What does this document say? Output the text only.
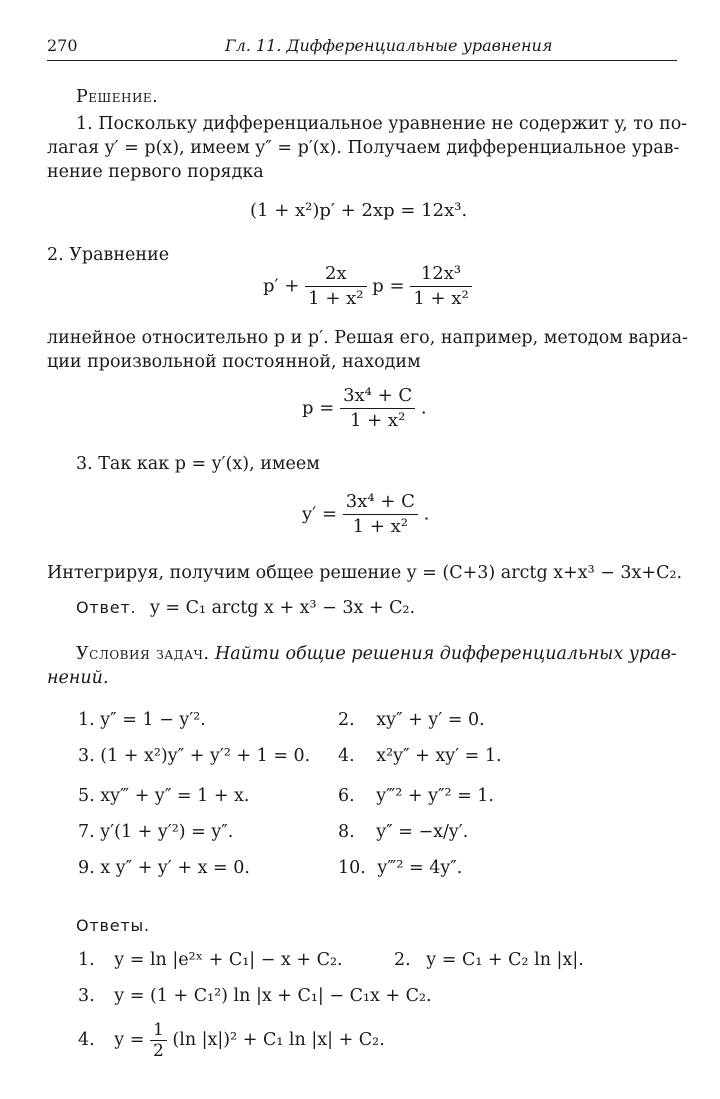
270	Гл. 11. Дифференциальные уравнения
Решение.
1. Поскольку дифференциальное уравнение не содержит y, то по-
лагая y′ = p(x), имеем y″ = p′(x). Получаем дифференциальное урав-
нение первого порядка
(1 + x²)p′ + 2xp = 12x³.
2. Уравнение
$p' + \frac{2x}{\text{1 + x²}}$ $p = \frac{\text{12x³}}{\text{1 + x²}}$
линейное относительно p и p′. Решая его, например, методом вариа-
ции произвольной постоянной, находим
$p = \frac{\text{3x⁴ + C}}{\text{1 + x²}}$ .
3. Так как p = y′(x), имеем
$y' = \frac{\text{3x⁴ + C}}{\text{1 + x²}}$ .
Интегрируя, получим общее решение y = (C+3) arctg x+x³ − 3x+C₂.
Ответ. y = C₁ arctg x + x³ − 3x + C₂.
Условия задач. Найти общие решения дифференциальных урав-
нений.
1. y″ = 1 − y′².	2. xy″ + y′ = 0.
3. (1 + x²)y″ + y′² + 1 = 0. 4. x²y″ + xy′ = 1.
5. xy‴ + y″ = 1 + x.	6. y‴² + y″² = 1.
7. y′(1 + y′²) = y″.	8. y″ = −x/y′.
9. x y″ + y′ + x = 0.	10. y‴² = 4y″.
Ответы.
1. y = ln |e²ˣ + C₁| − x + C₂.	2. y = C₁ + C₂ ln |x|.
3. y = (1 + C₁²) ln |x + C₁| − C₁x + C₂.
4. $y = \frac{1}{2} (\ln$ |x|)² + C₁ ln |x| + C₂.
